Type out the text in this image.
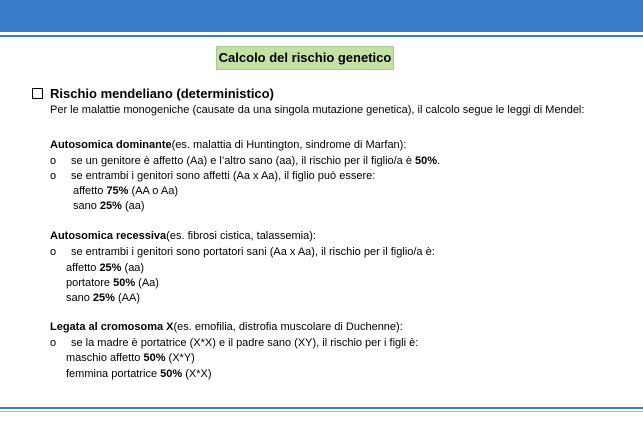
Calcolo del rischio genetico
Rischio mendeliano (deterministico)
Per le malattie monogeniche (causate da una singola mutazione genetica), il calcolo segue le leggi di Mendel:
Autosomica dominante(es. malattia di Huntington, sindrome di Marfan):
o se un genitore è affetto (Aa) e l’altro sano (aa), il rischio per il figlio/a è 50%.
o se entrambi i genitori sono affetti (Aa x Aa), il figlio può essere:
affetto 75% (AA o Aa)
sano 25% (aa)
Autosomica recessiva(es. fibrosi cistica, talassemia):
o se entrambi i genitori sono portatori sani (Aa x Aa), il rischio per il figlio/a è:
affetto 25% (aa)
portatore 50% (Aa)
sano 25% (AA)
Legata al cromosoma X(es. emofilia, distrofia muscolare di Duchenne):
o se la madre è portatrice (X*X) e il padre sano (XY), il rischio per i figli è:
maschio affetto 50% (X*Y)
femmina portatrice 50% (X*X)
